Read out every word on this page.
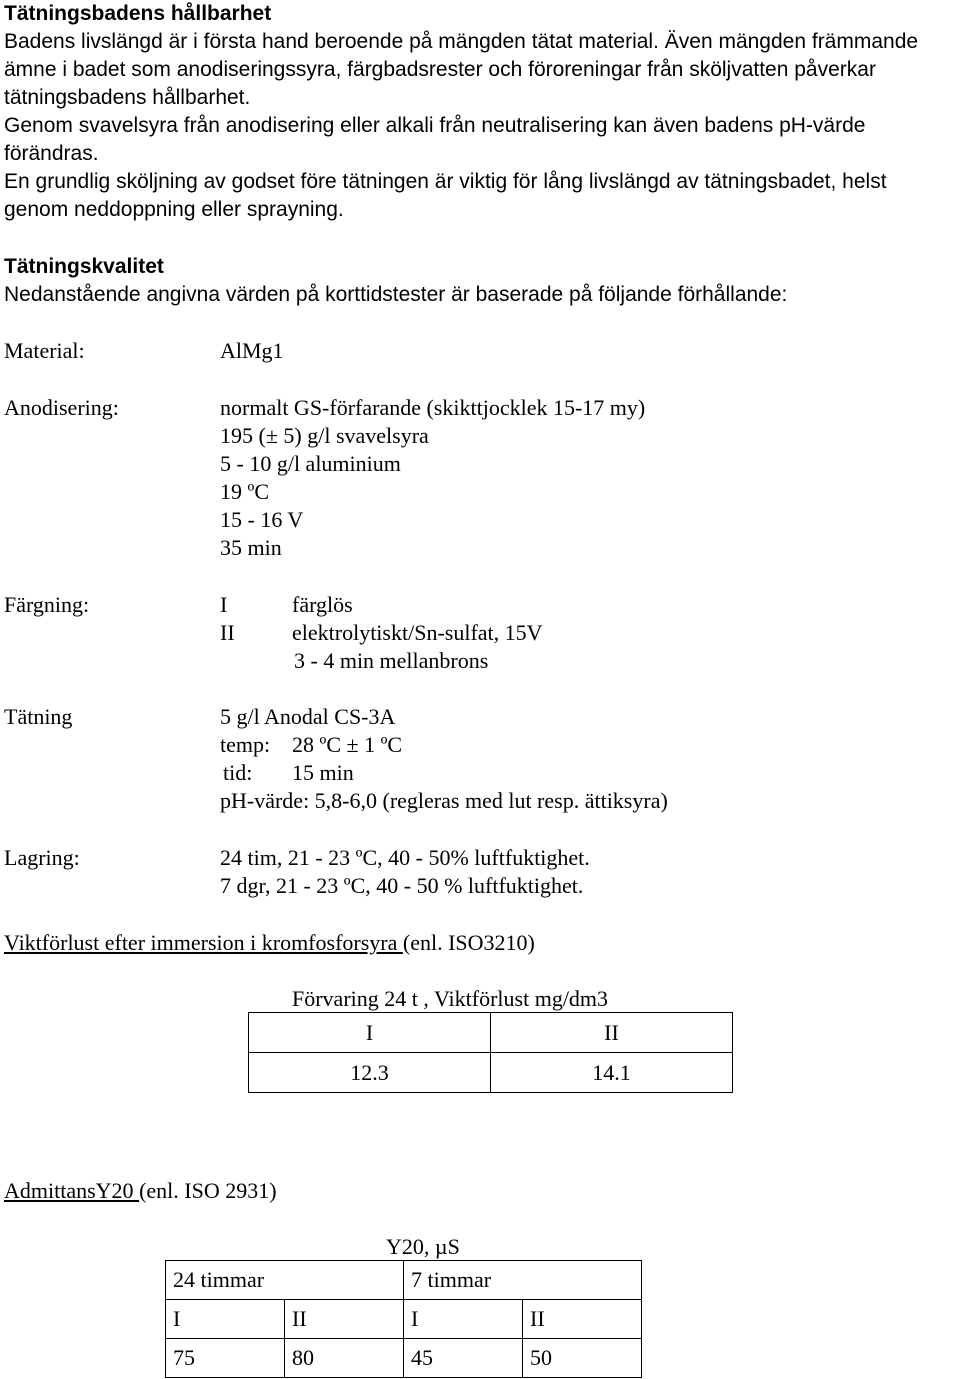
Tätningsbadens hållbarhet
Badens livslängd är i första hand beroende på mängden tätat material. Även mängden främmande
ämne i badet som anodiseringssyra, färgbadsrester och föroreningar från sköljvatten påverkar
tätningsbadens hållbarhet.
Genom svavelsyra från anodisering eller alkali från neutralisering kan även badens pH-värde
förändras.
En grundlig sköljning av godset före tätningen är viktig för lång livslängd av tätningsbadet, helst
genom neddoppning eller sprayning.
Tätningskvalitet
Nedanstående angivna värden på korttidstester är baserade på följande förhållande:
Material:	AlMg1
Anodisering:	normalt GS-förfarande (skikttjocklek 15-17 my)
195 (± 5) g/l svavelsyra
5 - 10 g/l aluminium
19 ºC
15 - 16 V
35 min
Färgning:	I	färglös
II	elektrolytiskt/Sn-sulfat, 15V
3 - 4 min mellanbrons
Tätning	5 g/l Anodal CS-3A
temp: 28 ºC ± 1 ºC
tid: 15 min
pH-värde: 5,8-6,0 (regleras med lut resp. ättiksyra)
Lagring:	24 tim, 21 - 23 ºC, 40 - 50% luftfuktighet.
7 dgr, 21 - 23 ºC, 40 - 50 % luftfuktighet.
Viktförlust efter immersion i kromfosforsyra (enl. ISO3210)
Förvaring 24 t , Viktförlust mg/dm3
I	II
12.3	14.1
AdmittansY20 (enl. ISO 2931)
Y20, µS
24 timmar		7 timmar	
I	II	I	II
75	80	45	50
